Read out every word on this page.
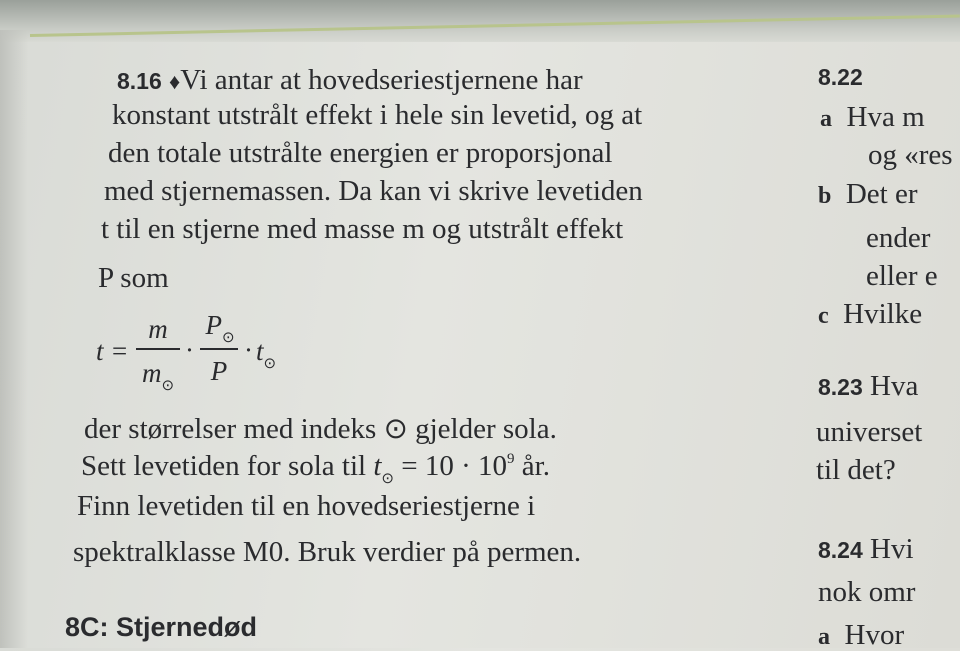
8.16 ♦Vi antar at hovedseriestjernene har
konstant utstrålt effekt i hele sin levetid, og at
den totale utstrålte energien er proporsjonal
med stjernemassen. Da kan vi skrive levetiden
t til en stjerne med masse m og utstrålt effekt
P som
t =
m
$m_⊙$
·
$P_⊙$
P
· $t_⊙$
der størrelser med indeks ⊙ gjelder sola.
Sett levetiden for sola til $t_⊙ = 10 \cdot 10^9$ år.
Finn levetiden til en hovedseriestjerne i
spektralklasse M0. Bruk verdier på permen.
8C: Stjernedød
8.22
a Hva m
og «res
b Det er
ender
eller e
c Hvilke
8.23 Hva
universet
til det?
8.24 Hvi
nok omr
a Hvor
